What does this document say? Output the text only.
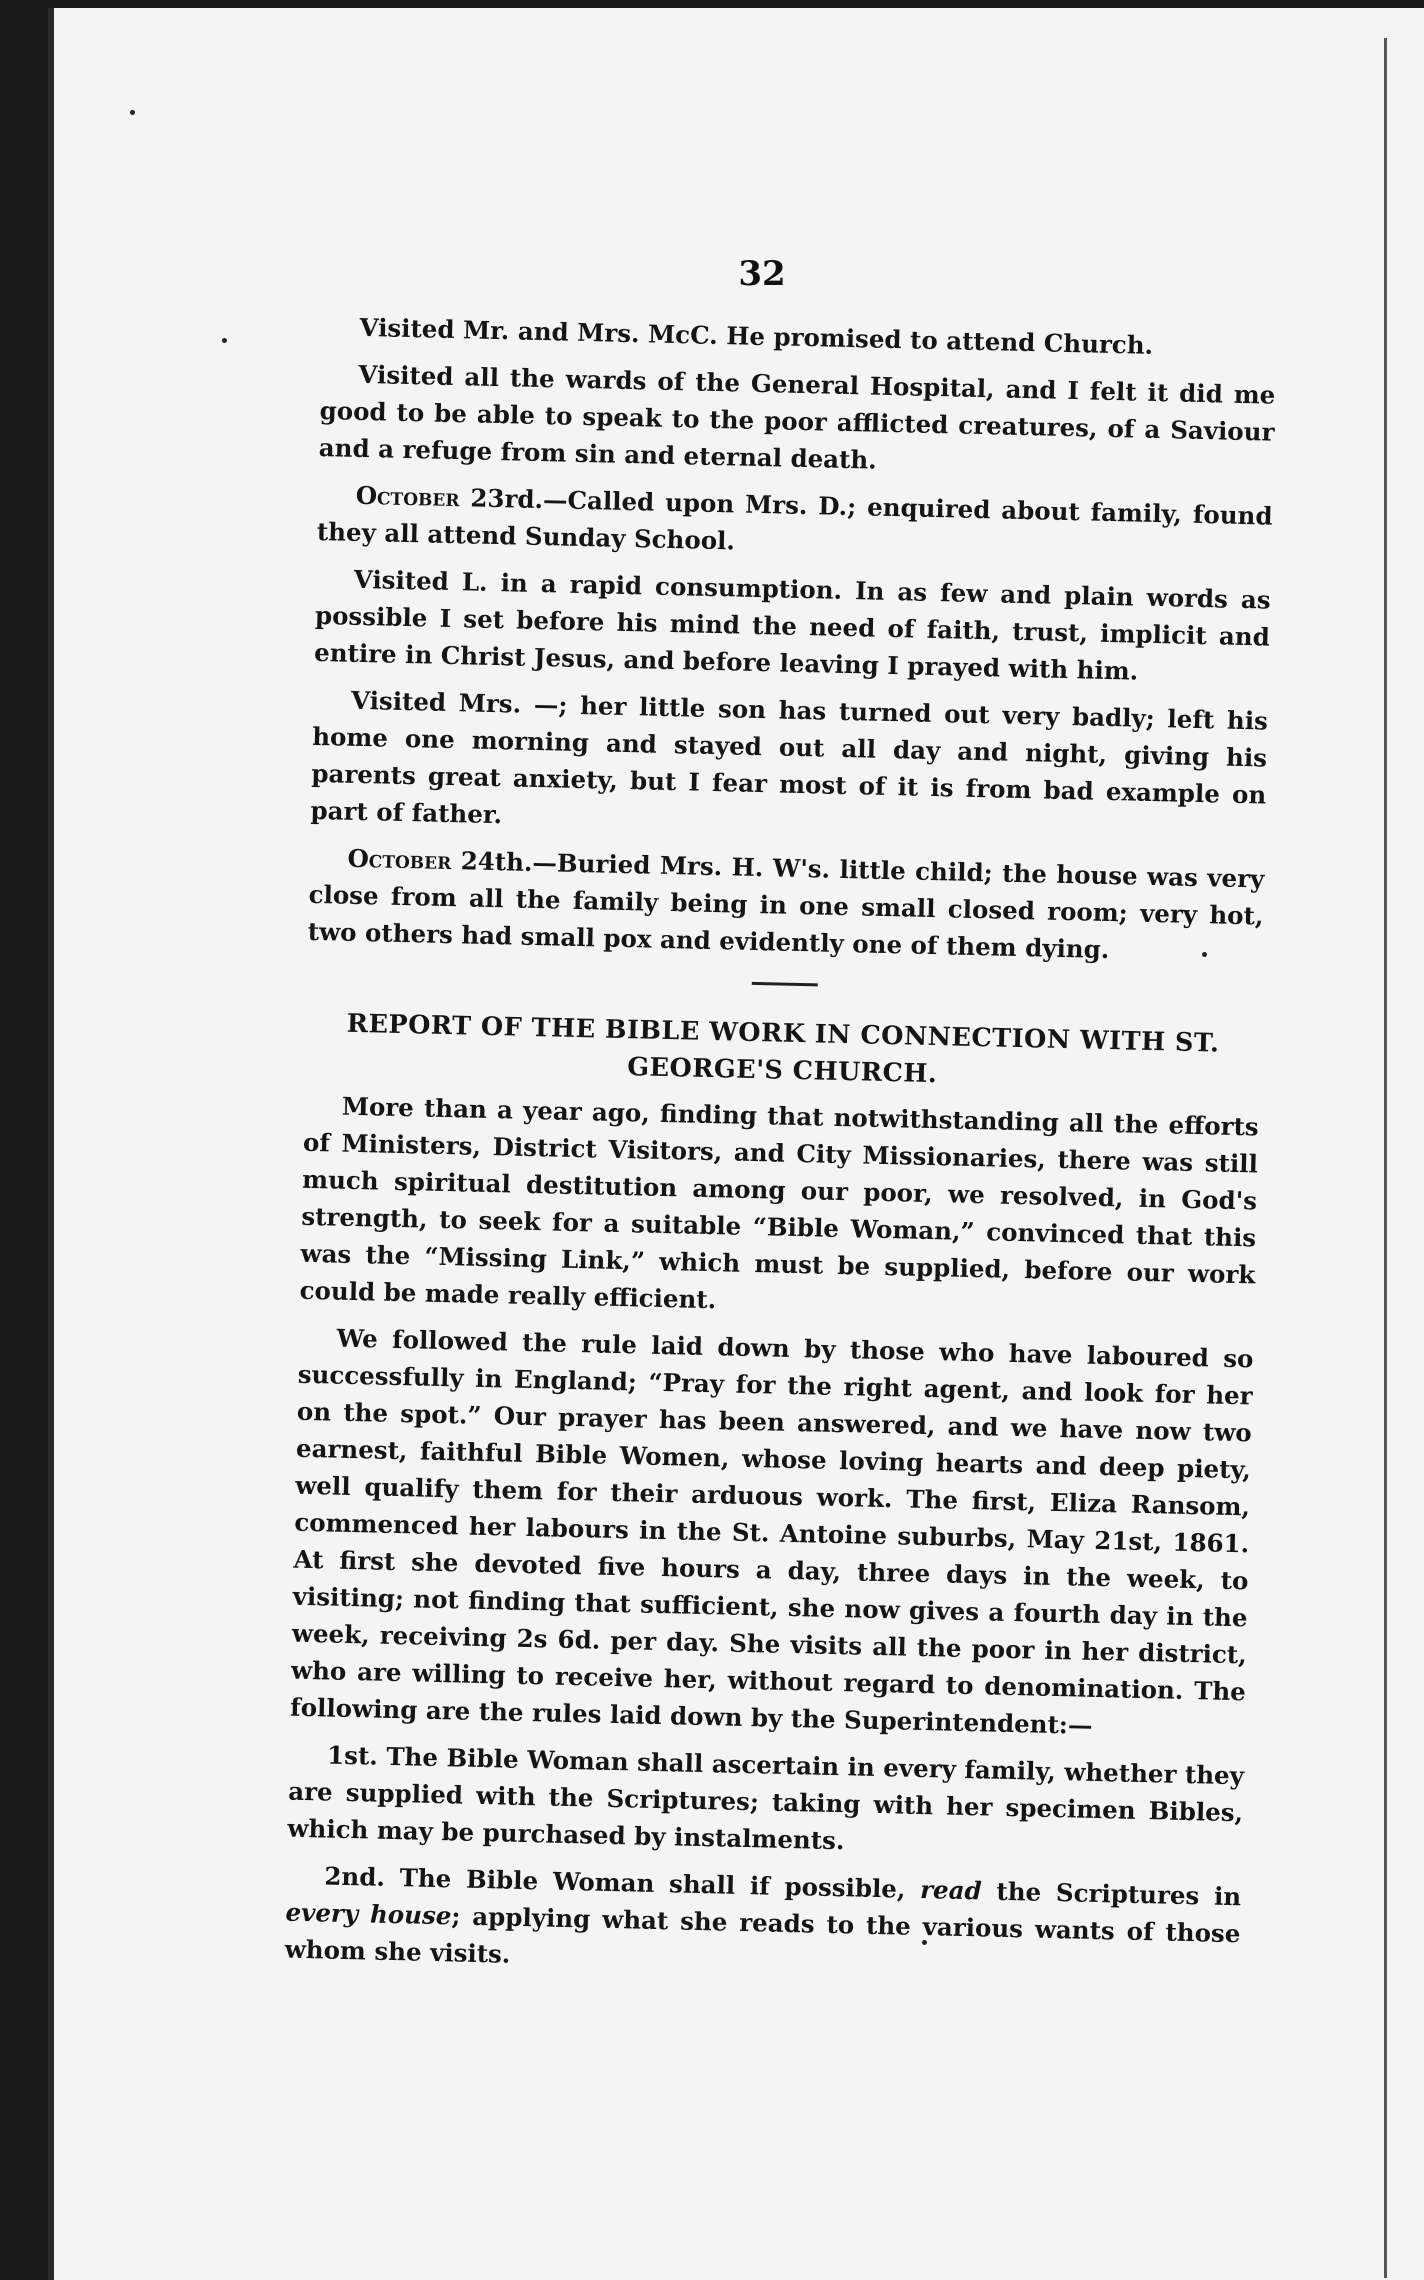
32

Visited Mr. and Mrs. McC. He promised to attend Church.

Visited all the wards of the General Hospital, and I felt it did me good to be able to speak to the poor afflicted creatures, of a Saviour and a refuge from sin and eternal death.

October 23rd.—Called upon Mrs. D.; enquired about family, found they all attend Sunday School.

Visited L. in a rapid consumption. In as few and plain words as possible I set before his mind the need of faith, trust, implicit and entire in Christ Jesus, and before leaving I prayed with him.

Visited Mrs. —; her little son has turned out very badly; left his home one morning and stayed out all day and night, giving his parents great anxiety, but I fear most of it is from bad example on part of father.

October 24th.—Buried Mrs. H. W's. little child; the house was very close from all the family being in one small closed room; very hot, two others had small pox and evidently one of them dying.

REPORT OF THE BIBLE WORK IN CONNECTION WITH ST. GEORGE'S CHURCH.

More than a year ago, finding that notwithstanding all the efforts of Ministers, District Visitors, and City Missionaries, there was still much spiritual destitution among our poor, we resolved, in God's strength, to seek for a suitable “Bible Woman,” convinced that this was the “Missing Link,” which must be supplied, before our work could be made really efficient.

We followed the rule laid down by those who have laboured so successfully in England; “Pray for the right agent, and look for her on the spot.” Our prayer has been answered, and we have now two earnest, faithful Bible Women, whose loving hearts and deep piety, well qualify them for their arduous work. The first, Eliza Ransom, commenced her labours in the St. Antoine suburbs, May 21st, 1861. At first she devoted five hours a day, three days in the week, to visiting; not finding that sufficient, she now gives a fourth day in the week, receiving 2s 6d. per day. She visits all the poor in her district, who are willing to receive her, without regard to denomination. The following are the rules laid down by the Superintendent:—

1st. The Bible Woman shall ascertain in every family, whether they are supplied with the Scriptures; taking with her specimen Bibles, which may be purchased by instalments.

2nd. The Bible Woman shall if possible, read the Scriptures in every house; applying what she reads to the various wants of those whom she visits.
